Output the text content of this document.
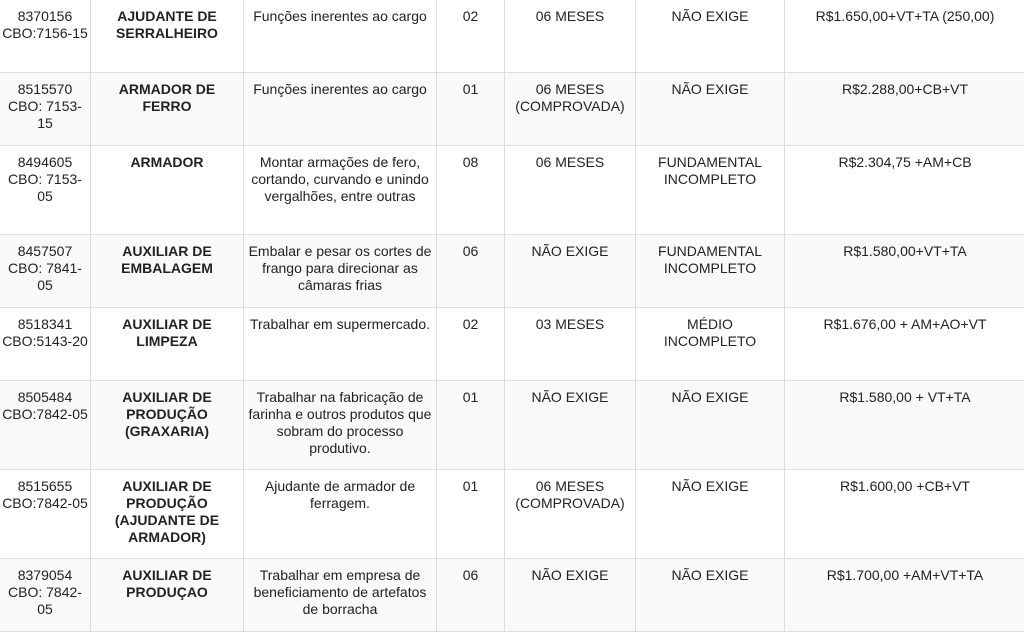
8370156 CBO:7156-15	AJUDANTE DE SERRALHEIRO	Funções inerentes ao cargo	02	06 MESES	NÃO EXIGE	R$1.650,00+VT+TA (250,00)
8515570 CBO: 7153-15	ARMADOR DE FERRO	Funções inerentes ao cargo	01	06 MESES (COMPROVADA)	NÃO EXIGE	R$2.288,00+CB+VT
8494605 CBO: 7153-05	ARMADOR	Montar armações de fero, cortando, curvando e unindo vergalhões, entre outras	08	06 MESES	FUNDAMENTAL INCOMPLETO	R$2.304,75 +AM+CB
8457507 CBO: 7841-05	AUXILIAR DE EMBALAGEM	Embalar e pesar os cortes de frango para direcionar as câmaras frias	06	NÃO EXIGE	FUNDAMENTAL INCOMPLETO	R$1.580,00+VT+TA
8518341 CBO:5143-20	AUXILIAR DE LIMPEZA	Trabalhar em supermercado.	02	03 MESES	MÉDIO INCOMPLETO	R$1.676,00 + AM+AO+VT
8505484 CBO:7842-05	AUXILIAR DE PRODUÇÃO (GRAXARIA)	Trabalhar na fabricação de farinha e outros produtos que sobram do processo produtivo.	01	NÃO EXIGE	NÃO EXIGE	R$1.580,00 + VT+TA
8515655 CBO:7842-05	AUXILIAR DE PRODUÇÃO (AJUDANTE DE ARMADOR)	Ajudante de armador de ferragem.	01	06 MESES (COMPROVADA)	NÃO EXIGE	R$1.600,00 +CB+VT
8379054 CBO: 7842-05	AUXILIAR DE PRODUÇAO	Trabalhar em empresa de beneficiamento de artefatos de borracha	06	NÃO EXIGE	NÃO EXIGE	R$1.700,00 +AM+VT+TA
